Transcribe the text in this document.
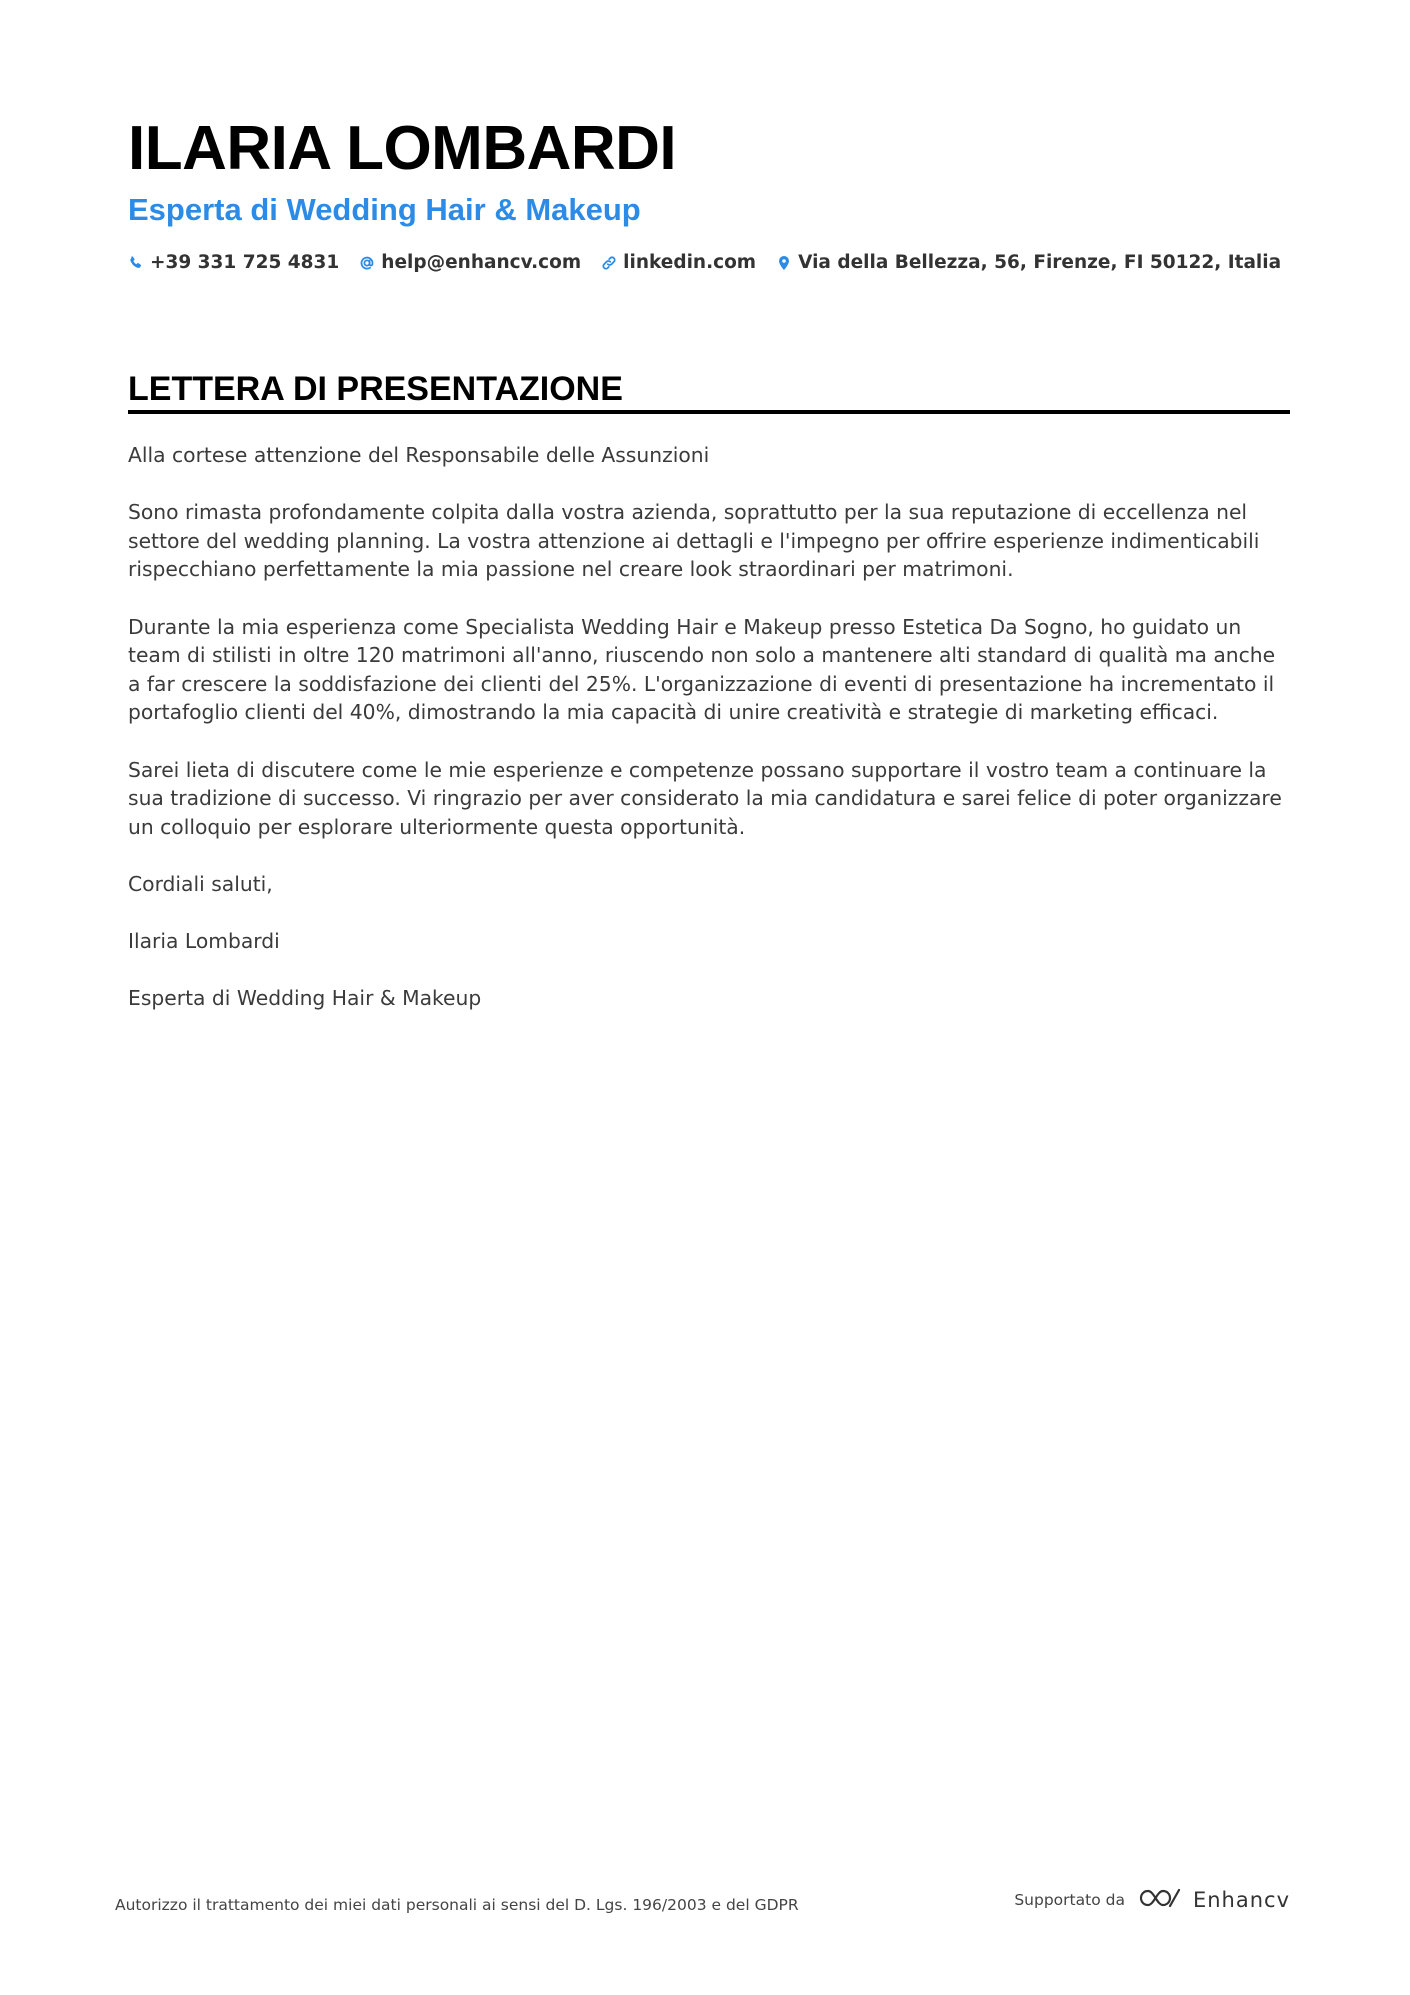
ILARIA LOMBARDI
Esperta di Wedding Hair & Makeup
+39 331 725 4831 help@enhancv.com linkedin.com Via della Bellezza, 56, Firenze, FI 50122, Italia
LETTERA DI PRESENTAZIONE

Alla cortese attenzione del Responsabile delle Assunzioni

Sono rimasta profondamente colpita dalla vostra azienda, soprattutto per la sua reputazione di eccellenza nel settore del wedding planning. La vostra attenzione ai dettagli e l'impegno per offrire esperienze indimenticabili rispecchiano perfettamente la mia passione nel creare look straordinari per matrimoni.

Durante la mia esperienza come Specialista Wedding Hair e Makeup presso Estetica Da Sogno, ho guidato un team di stilisti in oltre 120 matrimoni all'anno, riuscendo non solo a mantenere alti standard di qualità ma anche a far crescere la soddisfazione dei clienti del 25%. L'organizzazione di eventi di presentazione ha incrementato il portafoglio clienti del 40%, dimostrando la mia capacità di unire creatività e strategie di marketing efficaci.

Sarei lieta di discutere come le mie esperienze e competenze possano supportare il vostro team a continuare la sua tradizione di successo. Vi ringrazio per aver considerato la mia candidatura e sarei felice di poter organizzare un colloquio per esplorare ulteriormente questa opportunità.

Cordiali saluti,

Ilaria Lombardi

Esperta di Wedding Hair & Makeup

Autorizzo il trattamento dei miei dati personali ai sensi del D. Lgs. 196/2003 e del GDPR	Supportato da	Enhancv
